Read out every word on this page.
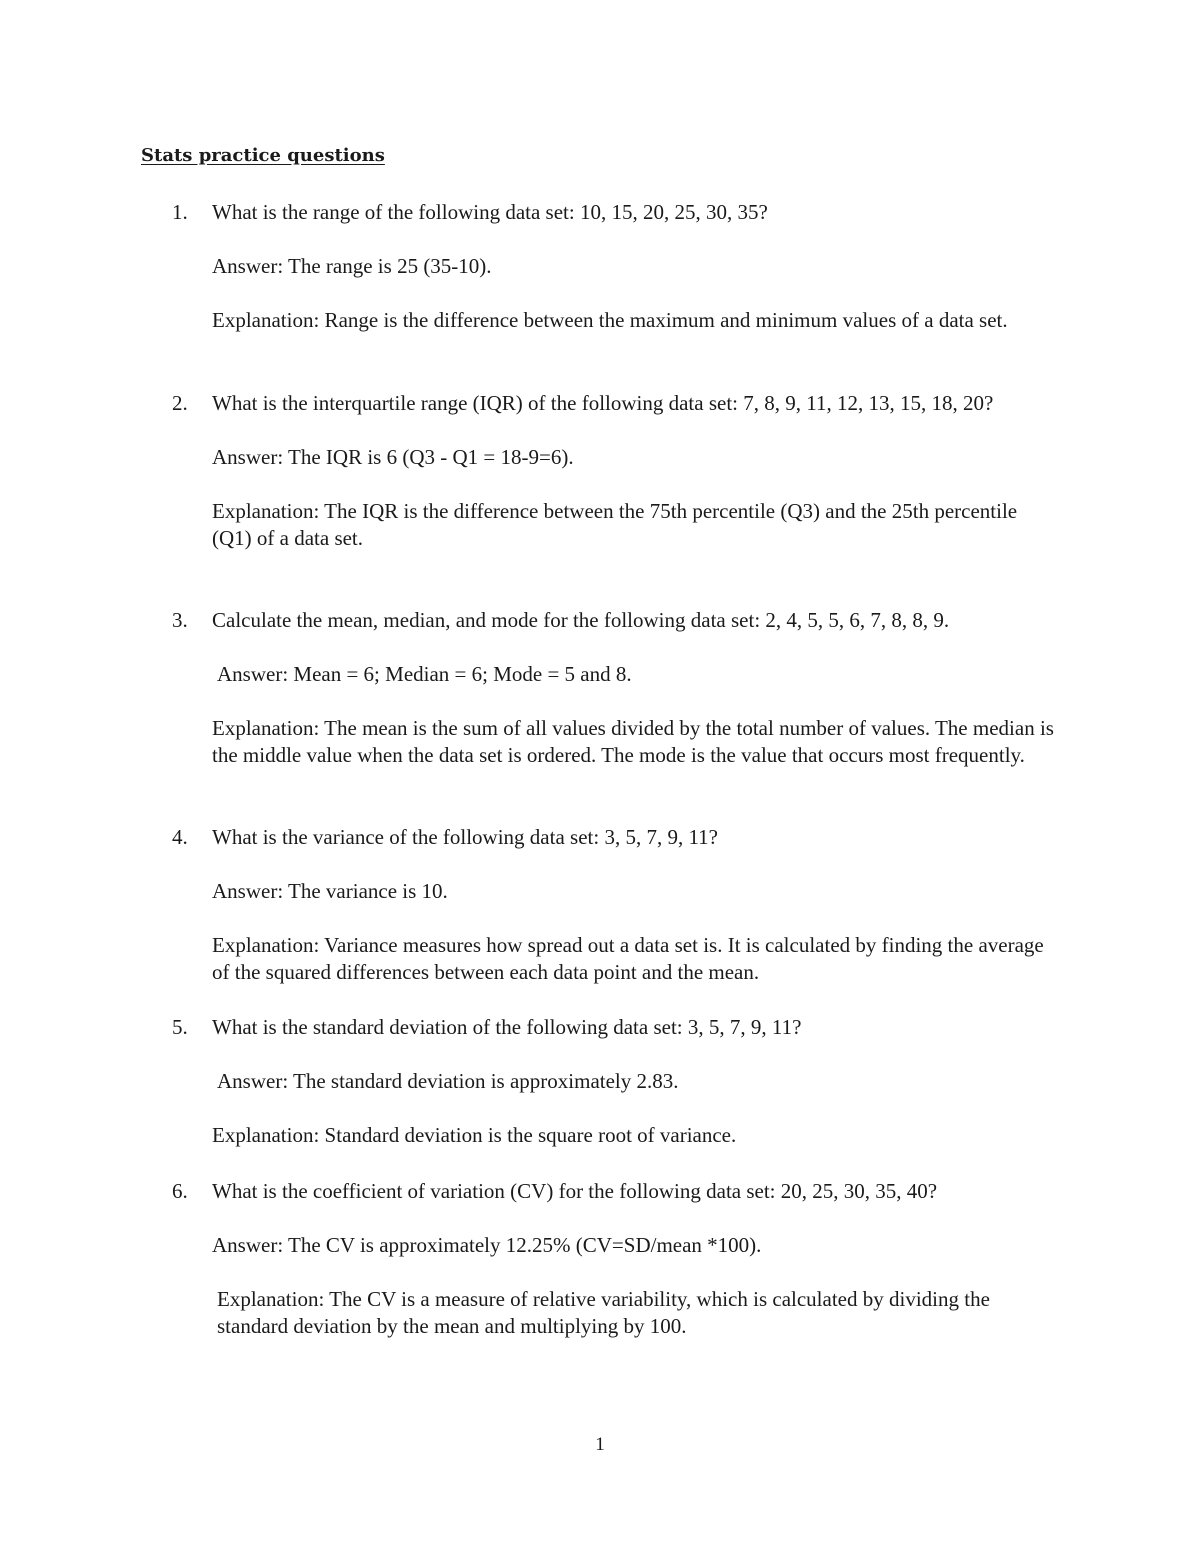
Stats practice questions
1.	What is the range of the following data set: 10, 15, 20, 25, 30, 35?

Answer: The range is 25 (35-10).

Explanation: Range is the difference between the maximum and minimum values of a data set.

2.	What is the interquartile range (IQR) of the following data set: 7, 8, 9, 11, 12, 13, 15, 18, 20?

Answer: The IQR is 6 (Q3 - Q1 = 18-9=6).

Explanation: The IQR is the difference between the 75th percentile (Q3) and the 25th percentile (Q1) of a data set.

3.	Calculate the mean, median, and mode for the following data set: 2, 4, 5, 5, 6, 7, 8, 8, 9.

Answer: Mean = 6; Median = 6; Mode = 5 and 8.

Explanation: The mean is the sum of all values divided by the total number of values. The median is the middle value when the data set is ordered. The mode is the value that occurs most frequently.

4.	What is the variance of the following data set: 3, 5, 7, 9, 11?

Answer: The variance is 10.

Explanation: Variance measures how spread out a data set is. It is calculated by finding the average of the squared differences between each data point and the mean.

5.	What is the standard deviation of the following data set: 3, 5, 7, 9, 11?

Answer: The standard deviation is approximately 2.83.

Explanation: Standard deviation is the square root of variance.

6.	What is the coefficient of variation (CV) for the following data set: 20, 25, 30, 35, 40?

Answer: The CV is approximately 12.25% (CV=SD/mean *100).

Explanation: The CV is a measure of relative variability, which is calculated by dividing the standard deviation by the mean and multiplying by 100.

1
